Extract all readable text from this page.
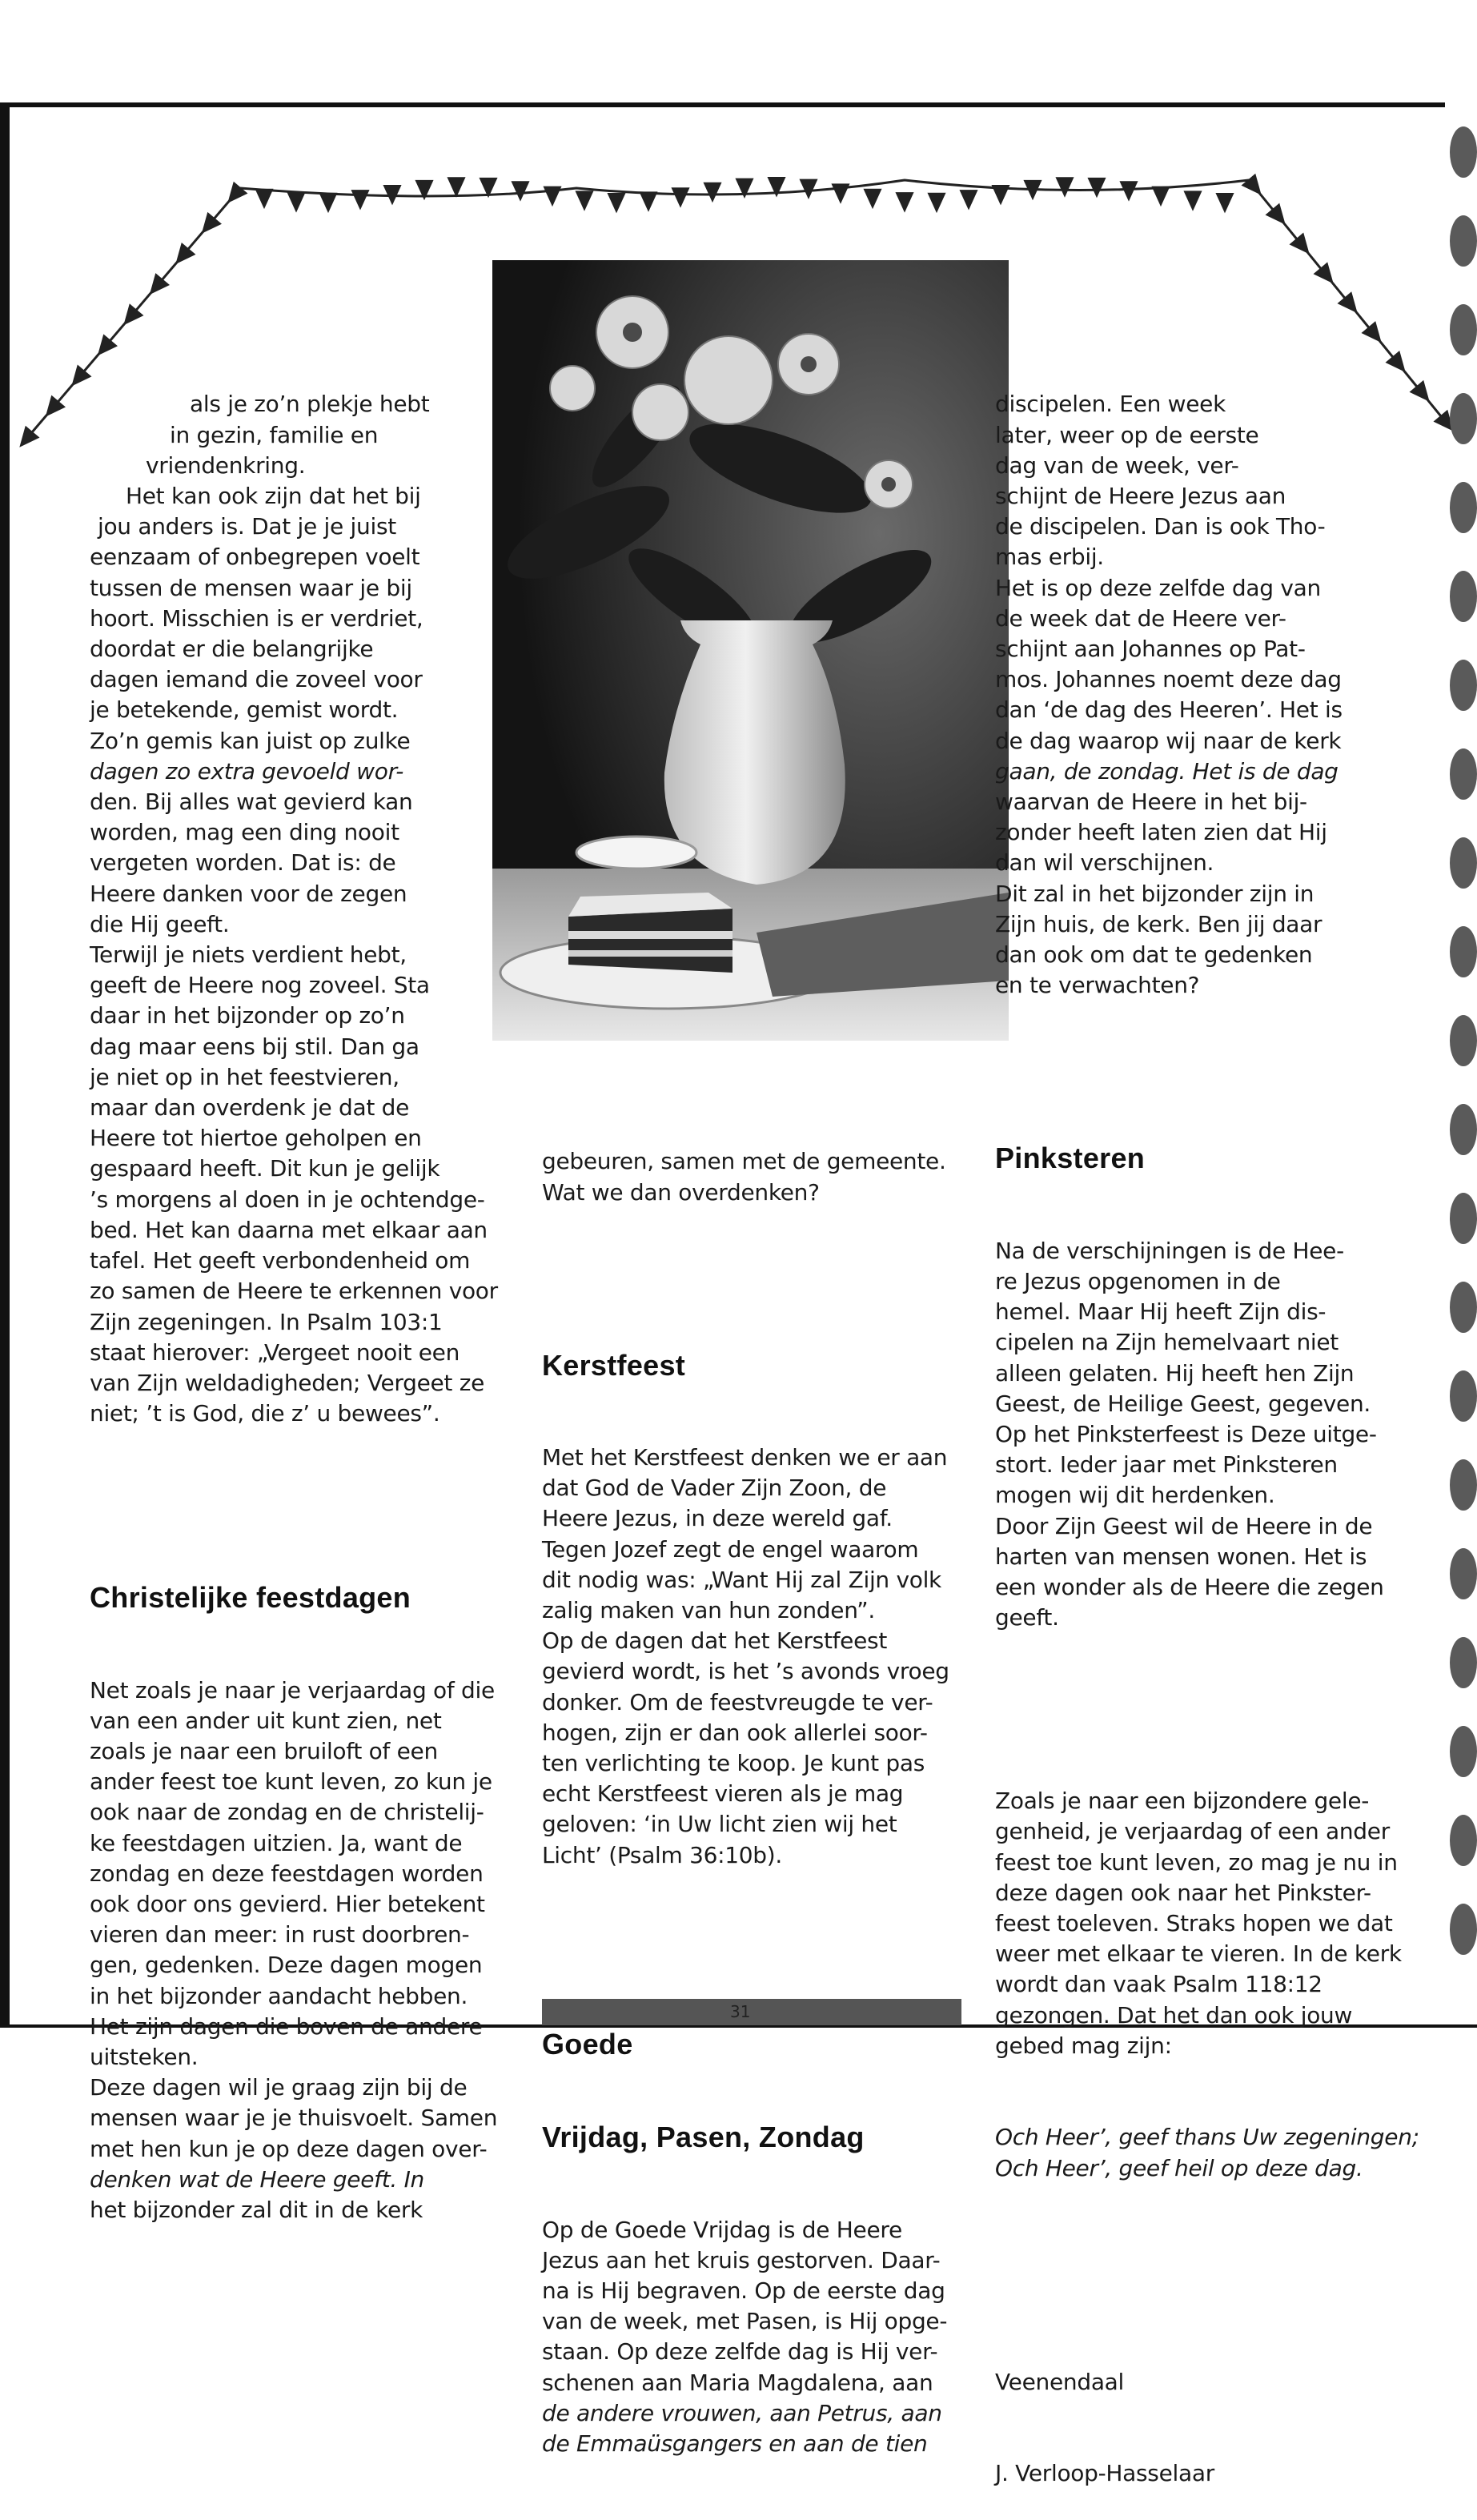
als je zo’n plekje hebt

in gezin, familie en

vriendenkring.

Het kan ook zijn dat het bij

jou anders is. Dat je je juist

eenzaam of onbegrepen voelt

tussen de mensen waar je bij

hoort. Misschien is er verdriet,

doordat er die belangrijke

dagen iemand die zoveel voor

je betekende, gemist wordt.

Zo’n gemis kan juist op zulke

dagen zo extra gevoeld wor-

den. Bij alles wat gevierd kan

worden, mag een ding nooit

vergeten worden. Dat is: de

Heere danken voor de zegen

die Hij geeft.

Terwijl je niets verdient hebt,

geeft de Heere nog zoveel. Sta

daar in het bijzonder op zo’n

dag maar eens bij stil. Dan ga

je niet op in het feestvieren,

maar dan overdenk je dat de

Heere tot hiertoe geholpen en

gespaard heeft. Dit kun je gelijk

’s morgens al doen in je ochtendge-

bed. Het kan daarna met elkaar aan

tafel. Het geeft verbondenheid om

zo samen de Heere te erkennen voor

Zijn zegeningen. In Psalm 103:1

staat hierover: „Vergeet nooit een

van Zijn weldadigheden; Vergeet ze

niet; ’t is God, die z’ u bewees”.

Christelijke feestdagen

Net zoals je naar je verjaardag of die

van een ander uit kunt zien, net

zoals je naar een bruiloft of een

ander feest toe kunt leven, zo kun je

ook naar de zondag en de christelij-

ke feestdagen uitzien. Ja, want de

zondag en deze feestdagen worden

ook door ons gevierd. Hier betekent

vieren dan meer: in rust doorbren-

gen, gedenken. Deze dagen mogen

in het bijzonder aandacht hebben.

Het zijn dagen die boven de andere

uitsteken.

Deze dagen wil je graag zijn bij de

mensen waar je je thuisvoelt. Samen

met hen kun je op deze dagen over-

denken wat de Heere geeft. In

het bijzonder zal dit in de kerk

gebeuren, samen met de gemeente.

Wat we dan overdenken?

Kerstfeest

Met het Kerstfeest denken we er aan

dat God de Vader Zijn Zoon, de

Heere Jezus, in deze wereld gaf.

Tegen Jozef zegt de engel waarom

dit nodig was: „Want Hij zal Zijn volk

zalig maken van hun zonden”.

Op de dagen dat het Kerstfeest

gevierd wordt, is het ’s avonds vroeg

donker. Om de feestvreugde te ver-

hogen, zijn er dan ook allerlei soor-

ten verlichting te koop. Je kunt pas

echt Kerstfeest vieren als je mag

geloven: ‘in Uw licht zien wij het

Licht’ (Psalm 36:10b).

Goede

Vrijdag, Pasen, Zondag

Op de Goede Vrijdag is de Heere

Jezus aan het kruis gestorven. Daar-

na is Hij begraven. Op de eerste dag

van de week, met Pasen, is Hij opge-

staan. Op deze zelfde dag is Hij ver-

schenen aan Maria Magdalena, aan

de andere vrouwen, aan Petrus, aan

de Emmaüsgangers en aan de tien

discipelen. Een week

later, weer op de eerste

dag van de week, ver-

schijnt de Heere Jezus aan

de discipelen. Dan is ook Tho-

mas erbij.

Het is op deze zelfde dag van

de week dat de Heere ver-

schijnt aan Johannes op Pat-

mos. Johannes noemt deze dag

dan ‘de dag des Heeren’. Het is

de dag waarop wij naar de kerk

gaan, de zondag. Het is de dag

waarvan de Heere in het bij-

zonder heeft laten zien dat Hij

dan wil verschijnen.

Dit zal in het bijzonder zijn in

Zijn huis, de kerk. Ben jij daar

dan ook om dat te gedenken

en te verwachten?

Pinksteren

Na de verschijningen is de Hee-

re Jezus opgenomen in de

hemel. Maar Hij heeft Zijn dis-

cipelen na Zijn hemelvaart niet

alleen gelaten. Hij heeft hen Zijn

Geest, de Heilige Geest, gegeven.

Op het Pinksterfeest is Deze uitge-

stort. Ieder jaar met Pinksteren

mogen wij dit herdenken.

Door Zijn Geest wil de Heere in de

harten van mensen wonen. Het is

een wonder als de Heere die zegen

geeft.

Zoals je naar een bijzondere gele-

genheid, je verjaardag of een ander

feest toe kunt leven, zo mag je nu in

deze dagen ook naar het Pinkster-

feest toeleven. Straks hopen we dat

weer met elkaar te vieren. In de kerk

wordt dan vaak Psalm 118:12

gezongen. Dat het dan ook jouw

gebed mag zijn:

Och Heer’, geef thans Uw zegeningen;

Och Heer’, geef heil op deze dag.

Veenendaal

J. Verloop-Hasselaar

31
